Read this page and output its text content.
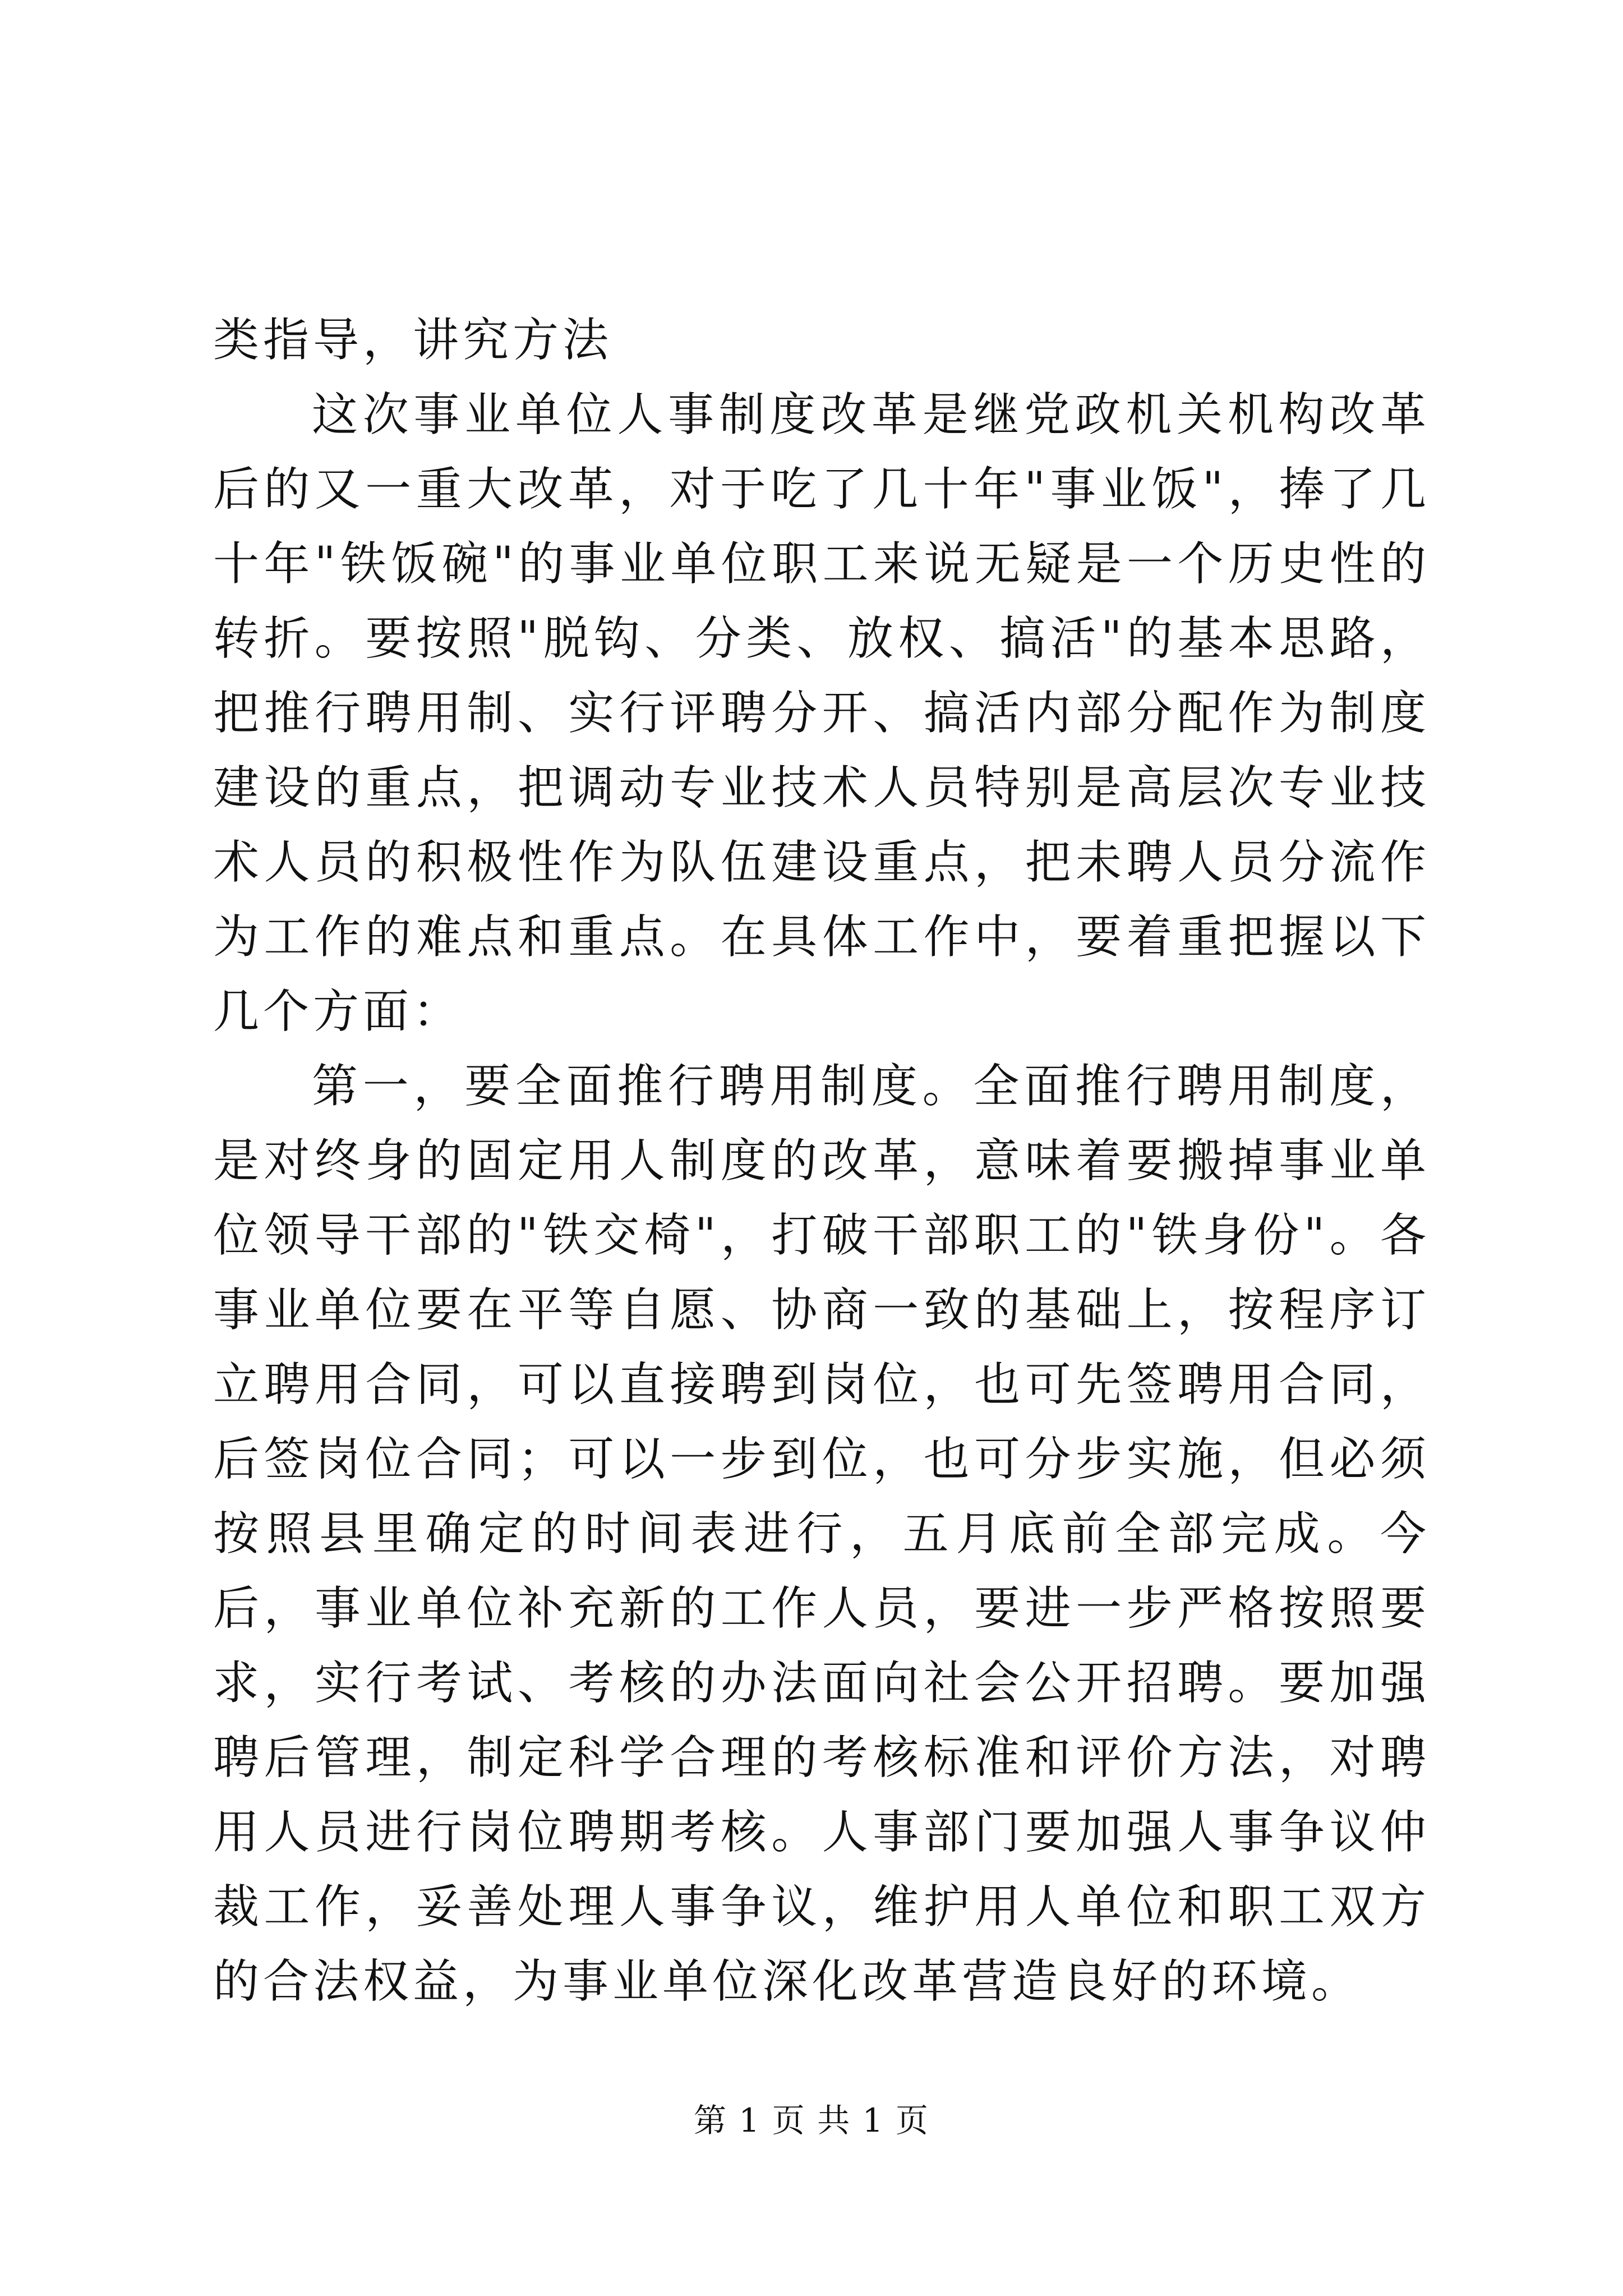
类指导，讲究方法

这次事业单位人事制度改革是继党政机关机构改革后的又一重大改革，对于吃了几十年"事业饭"，捧了几十年"铁饭碗"的事业单位职工来说无疑是一个历史性的转折。要按照"脱钩、分类、放权、搞活"的基本思路，把推行聘用制、实行评聘分开、搞活内部分配作为制度建设的重点，把调动专业技术人员特别是高层次专业技术人员的积极性作为队伍建设重点，把未聘人员分流作为工作的难点和重点。在具体工作中，要着重把握以下几个方面：

第一，要全面推行聘用制度。全面推行聘用制度，是对终身的固定用人制度的改革，意味着要搬掉事业单位领导干部的"铁交椅"，打破干部职工的"铁身份"。各事业单位要在平等自愿、协商一致的基础上，按程序订立聘用合同，可以直接聘到岗位，也可先签聘用合同，后签岗位合同；可以一步到位，也可分步实施，但必须按照县里确定的时间表进行，五月底前全部完成。今后，事业单位补充新的工作人员，要进一步严格按照要求，实行考试、考核的办法面向社会公开招聘。要加强聘后管理，制定科学合理的考核标准和评价方法，对聘用人员进行岗位聘期考核。人事部门要加强人事争议仲裁工作，妥善处理人事争议，维护用人单位和职工双方的合法权益，为事业单位深化改革营造良好的环境。

第 1 页 共 1 页
